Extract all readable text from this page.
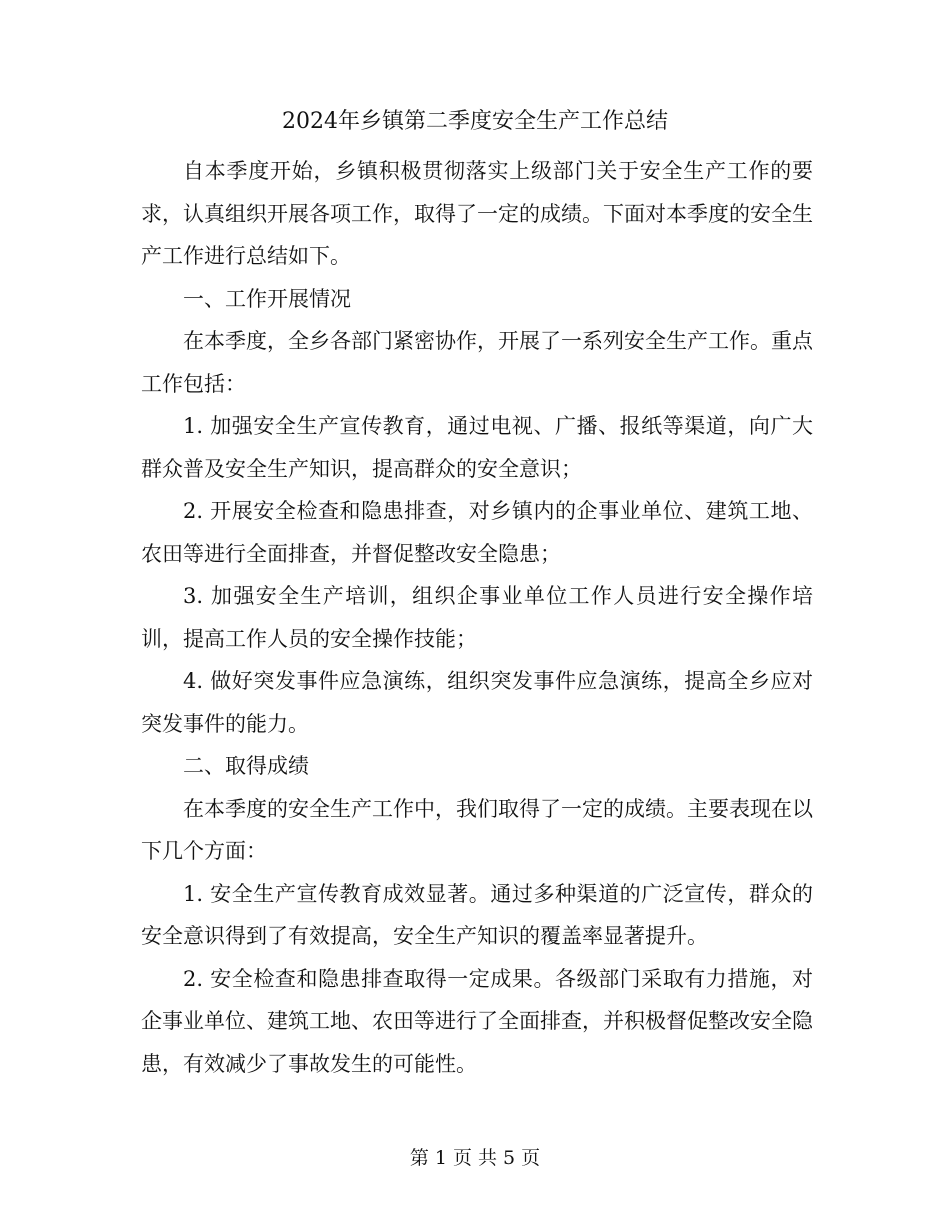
2024年乡镇第二季度安全生产工作总结

自本季度开始，乡镇积极贯彻落实上级部门关于安全生产工作的要求，认真组织开展各项工作，取得了一定的成绩。下面对本季度的安全生产工作进行总结如下。

一、工作开展情况

在本季度，全乡各部门紧密协作，开展了一系列安全生产工作。重点工作包括：

1. 加强安全生产宣传教育，通过电视、广播、报纸等渠道，向广大群众普及安全生产知识，提高群众的安全意识；

2. 开展安全检查和隐患排查，对乡镇内的企事业单位、建筑工地、农田等进行全面排查，并督促整改安全隐患；

3. 加强安全生产培训，组织企事业单位工作人员进行安全操作培训，提高工作人员的安全操作技能；

4. 做好突发事件应急演练，组织突发事件应急演练，提高全乡应对突发事件的能力。

二、取得成绩

在本季度的安全生产工作中，我们取得了一定的成绩。主要表现在以下几个方面：

1. 安全生产宣传教育成效显著。通过多种渠道的广泛宣传，群众的安全意识得到了有效提高，安全生产知识的覆盖率显著提升。

2. 安全检查和隐患排查取得一定成果。各级部门采取有力措施，对企事业单位、建筑工地、农田等进行了全面排查，并积极督促整改安全隐患，有效减少了事故发生的可能性。

第 1 页 共 5 页
